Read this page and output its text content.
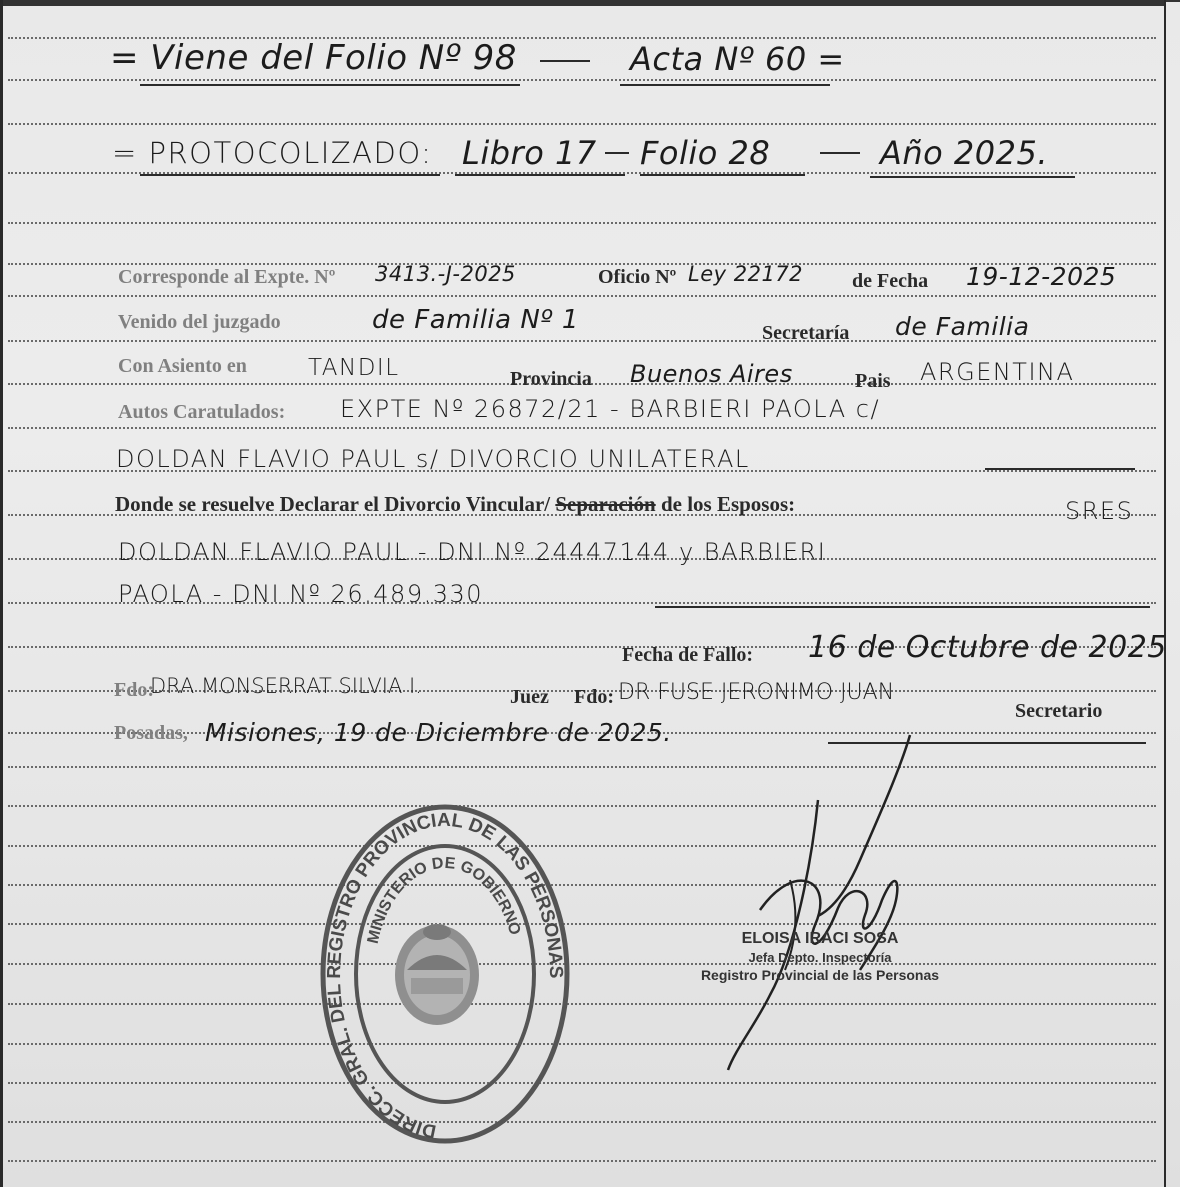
= Viene del Folio Nº 98	Acta Nº 60 =
= PROTOCOLIZADO: Libro 17 Folio 28	Año 2025.
Corresponde al Expte. Nº 3413.-J-2025	Oficio Nº Ley 22172 de Fecha 19-12-2025
Venido del juzgado	de Familia Nº 1	Secretaría de Familia
Con Asiento en	TANDIL	Provincia Buenos Aires	Pais ARGENTINA
Autos Caratulados: EXPTE Nº 26872/21 - BARBIERI PAOLA c/
DOLDAN FLAVIO PAUL s/ DIVORCIO UNILATERAL
Donde se resuelve Declarar el Divorcio Vincular/ Separación de los Esposos:	SRES
DOLDAN FLAVIO PAUL - DNI Nº 24447144 y BARBIERI
PAOLA - DNI Nº 26.489.330
Fecha de Fallo: 16 de Octubre de 2025
Fdo:
DRA MONSERRAT SILVIA I.	Juez Fdo: DR FUSE JERONIMO JUAN
Secretario
Posadas, Misiones, 19 de Diciembre de 2025.
DIRECC. GRAL. DEL REGISTRO PROVINCIAL DE LAS PERSONAS
MINISTERIO DE GOBIERNO
ELOISA IRACI SOSA
Jefa Depto. Inspectoría
Registro Provincial de las Personas
